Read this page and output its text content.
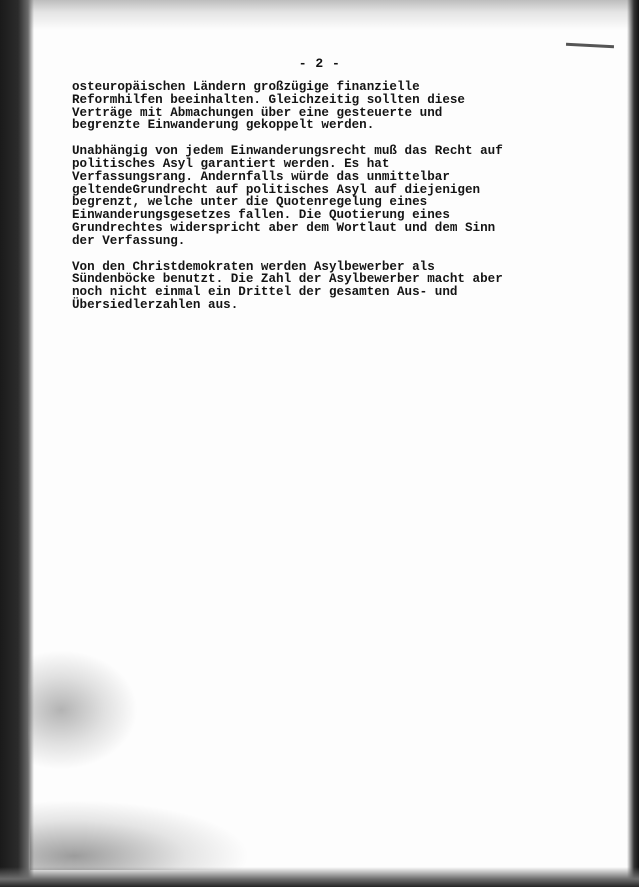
- 2 -
osteuropäischen Ländern großzügige finanzielle
Reformhilfen beeinhalten. Gleichzeitig sollten diese
Verträge mit Abmachungen über eine gesteuerte und
begrenzte Einwanderung gekoppelt werden.
Unabhängig von jedem Einwanderungsrecht muß das Recht auf
politisches Asyl garantiert werden. Es hat
Verfassungsrang. Andernfalls würde das unmittelbar
geltendeGrundrecht auf politisches Asyl auf diejenigen
begrenzt, welche unter die Quotenregelung eines
Einwanderungsgesetzes fallen. Die Quotierung eines
Grundrechtes widerspricht aber dem Wortlaut und dem Sinn
der Verfassung.
Von den Christdemokraten werden Asylbewerber als
Sündenböcke benutzt. Die Zahl der Asylbewerber macht aber
noch nicht einmal ein Drittel der gesamten Aus- und
Übersiedlerzahlen aus.
